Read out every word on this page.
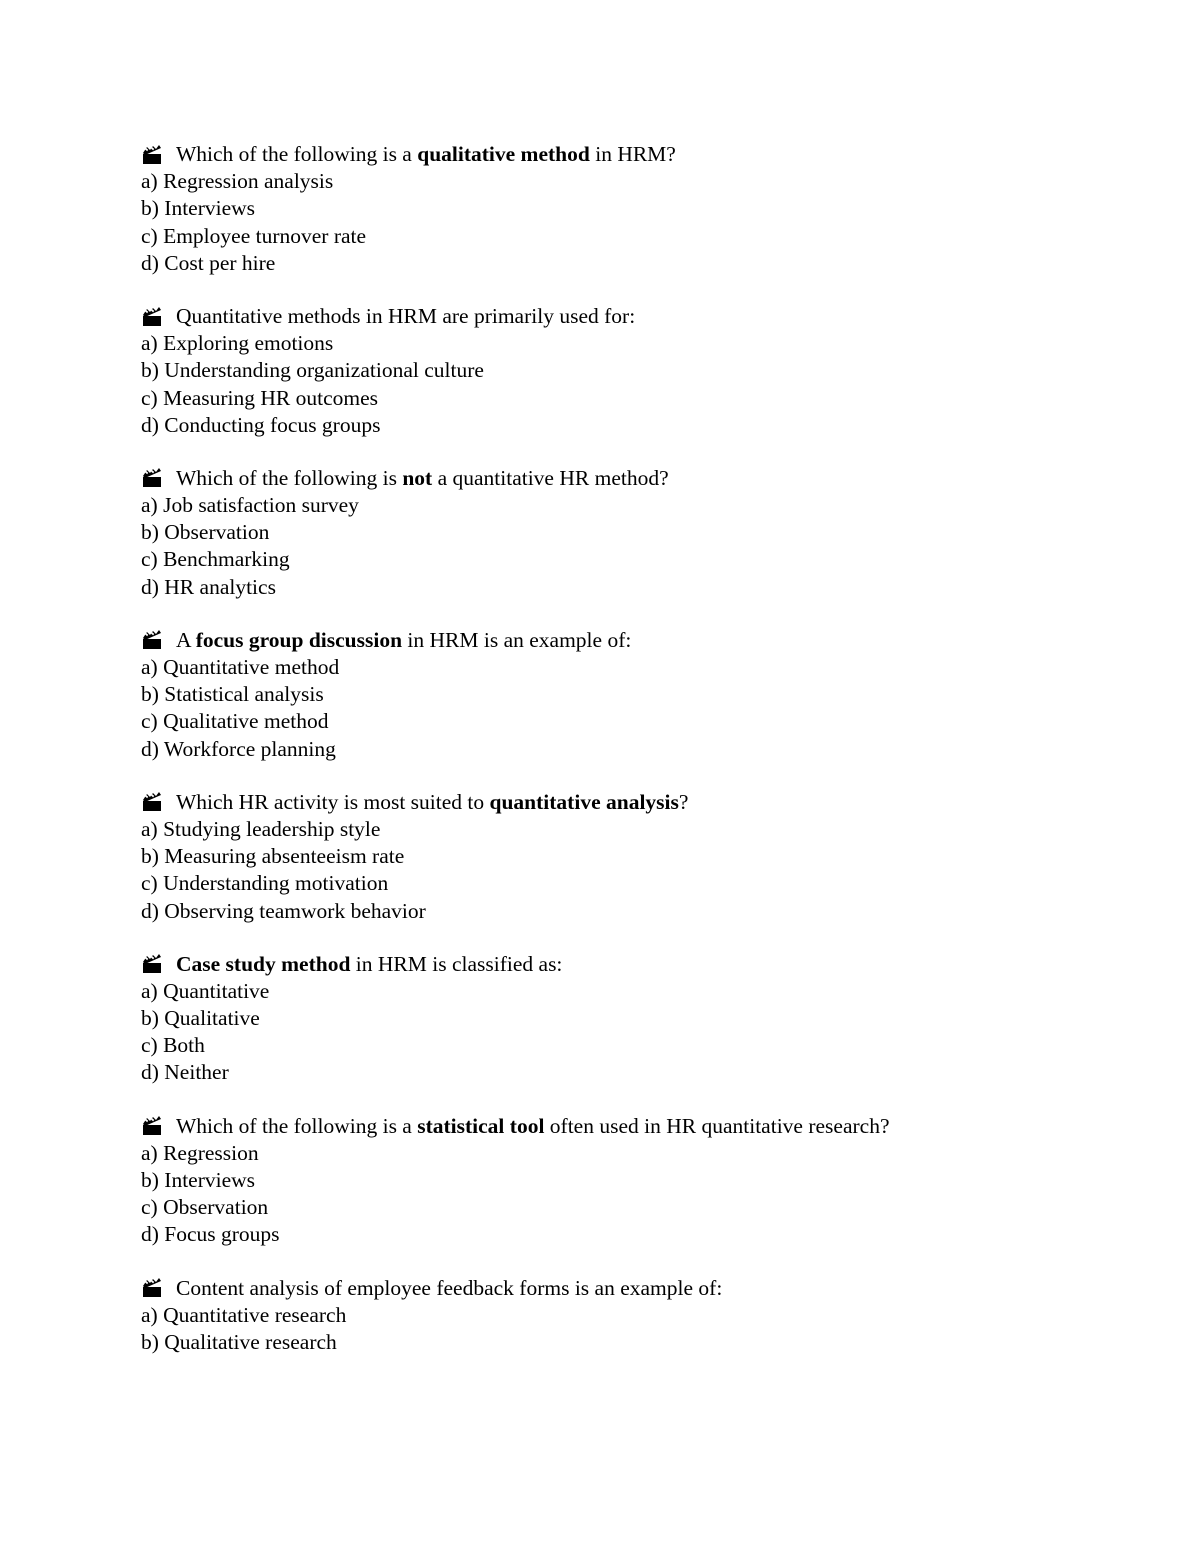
Which of the following is a qualitative method in HRM?
a) Regression analysis
b) Interviews
c) Employee turnover rate
d) Cost per hire
Quantitative methods in HRM are primarily used for:
a) Exploring emotions
b) Understanding organizational culture
c) Measuring HR outcomes
d) Conducting focus groups
Which of the following is not a quantitative HR method?
a) Job satisfaction survey
b) Observation
c) Benchmarking
d) HR analytics
A focus group discussion in HRM is an example of:
a) Quantitative method
b) Statistical analysis
c) Qualitative method
d) Workforce planning
Which HR activity is most suited to quantitative analysis?
a) Studying leadership style
b) Measuring absenteeism rate
c) Understanding motivation
d) Observing teamwork behavior
Case study method in HRM is classified as:
a) Quantitative
b) Qualitative
c) Both
d) Neither
Which of the following is a statistical tool often used in HR quantitative research?
a) Regression
b) Interviews
c) Observation
d) Focus groups
Content analysis of employee feedback forms is an example of:
a) Quantitative research
b) Qualitative research
